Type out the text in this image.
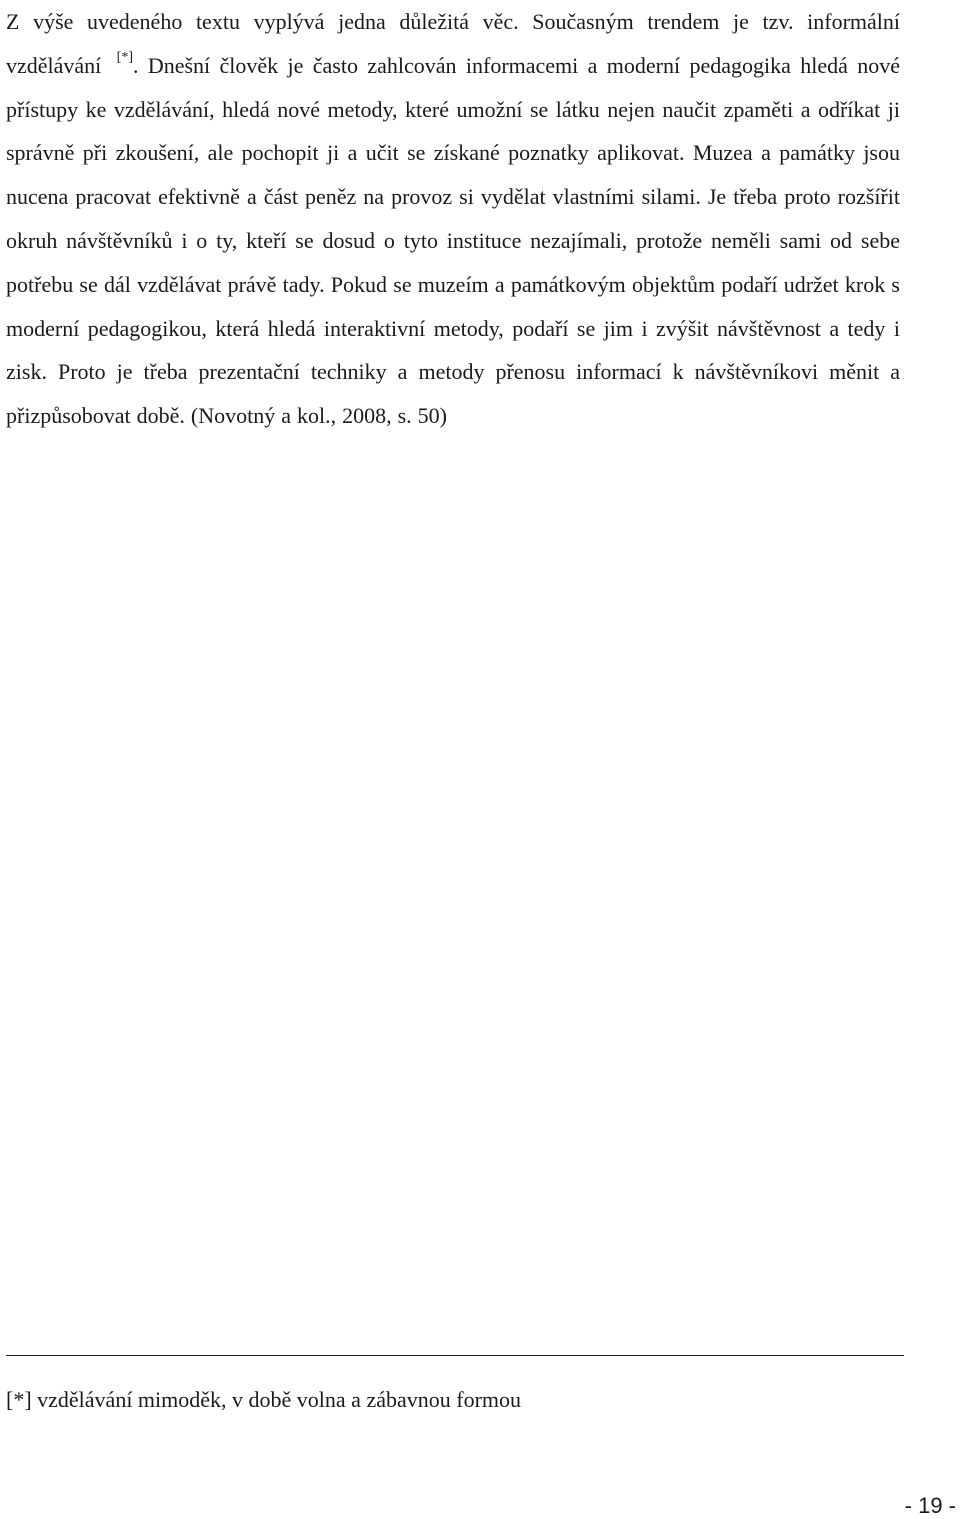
Z výše uvedeného textu vyplývá jedna důležitá věc. Současným trendem je tzv. informální vzdělávání [*]. Dnešní člověk je často zahlcován informacemi a moderní pedagogika hledá nové přístupy ke vzdělávání, hledá nové metody, které umožní se látku nejen naučit zpaměti a odříkat ji správně při zkoušení, ale pochopit ji a učit se získané poznatky aplikovat. Muzea a památky jsou nucena pracovat efektivně a část peněz na provoz si vydělat vlastními silami. Je třeba proto rozšířit okruh návštěvníků i o ty, kteří se dosud o tyto instituce nezajímali, protože neměli sami od sebe potřebu se dál vzdělávat právě tady. Pokud se muzeím a památkovým objektům podaří udržet krok s moderní pedagogikou, která hledá interaktivní metody, podaří se jim i zvýšit návštěvnost a tedy i zisk. Proto je třeba prezentační techniky a metody přenosu informací k návštěvníkovi měnit a přizpůsobovat době. (Novotný a kol., 2008, s. 50)

[*] vzdělávání mimoděk, v době volna a zábavnou formou

- 19 -
